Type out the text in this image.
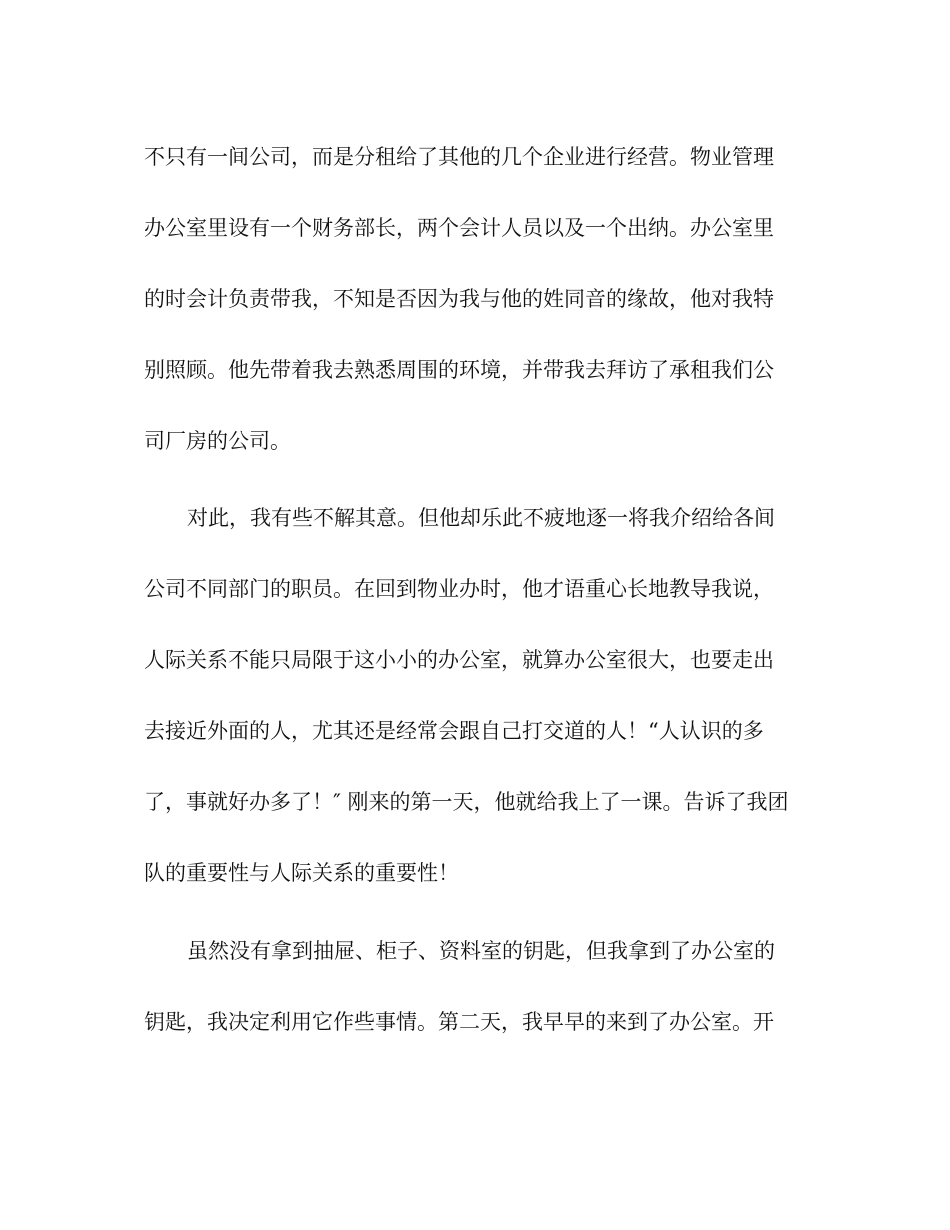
不只有一间公司，而是分租给了其他的几个企业进行经营。物业管理
办公室里设有一个财务部长，两个会计人员以及一个出纳。办公室里
的时会计负责带我，不知是否因为我与他的姓同音的缘故，他对我特
别照顾。他先带着我去熟悉周围的环境，并带我去拜访了承租我们公
司厂房的公司。
对此，我有些不解其意。但他却乐此不疲地逐一将我介绍给各间
公司不同部门的职员。在回到物业办时，他才语重心长地教导我说，
人际关系不能只局限于这小小的办公室，就算办公室很大，也要走出
去接近外面的人，尤其还是经常会跟自己打交道的人！“人认识的多
了，事就好办多了！″ 刚来的第一天，他就给我上了一课。告诉了我团
队的重要性与人际关系的重要性！
虽然没有拿到抽屉、柜子、资料室的钥匙，但我拿到了办公室的
钥匙，我决定利用它作些事情。第二天，我早早的来到了办公室。开
